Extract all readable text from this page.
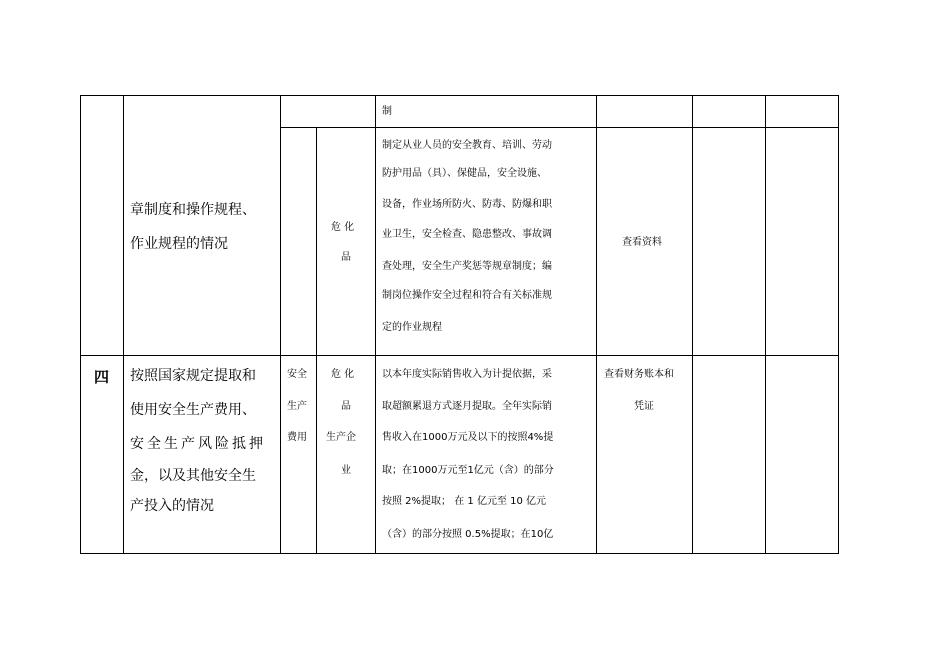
章制度和操作规程、
作业规程的情况
制
危 化
品
制定从业人员的安全教育、培训、劳动
防护用品（具）、保健品，安全设施、
设备，作业场所防火、防毒、防爆和职
业卫生，安全检查、隐患整改、事故调
查处理，安全生产奖惩等规章制度；编
制岗位操作安全过程和符合有关标准规
定的作业规程
查看资料
四 按照国家规定提取和
使用安全生产费用、
安全生产风险抵押
金，以及其他安全生
产投入的情况
安全
生产
费用
危 化
品
生产企
业
以本年度实际销售收入为计提依据，采
取超额累退方式逐月提取。全年实际销
售收入在1000万元及以下的按照4%提
取；在1000万元至1亿元（含）的部分
按照 2%提取； 在 1 亿元至 10 亿元
（含）的部分按照 0.5%提取；在10亿
查看财务账本和
凭证
